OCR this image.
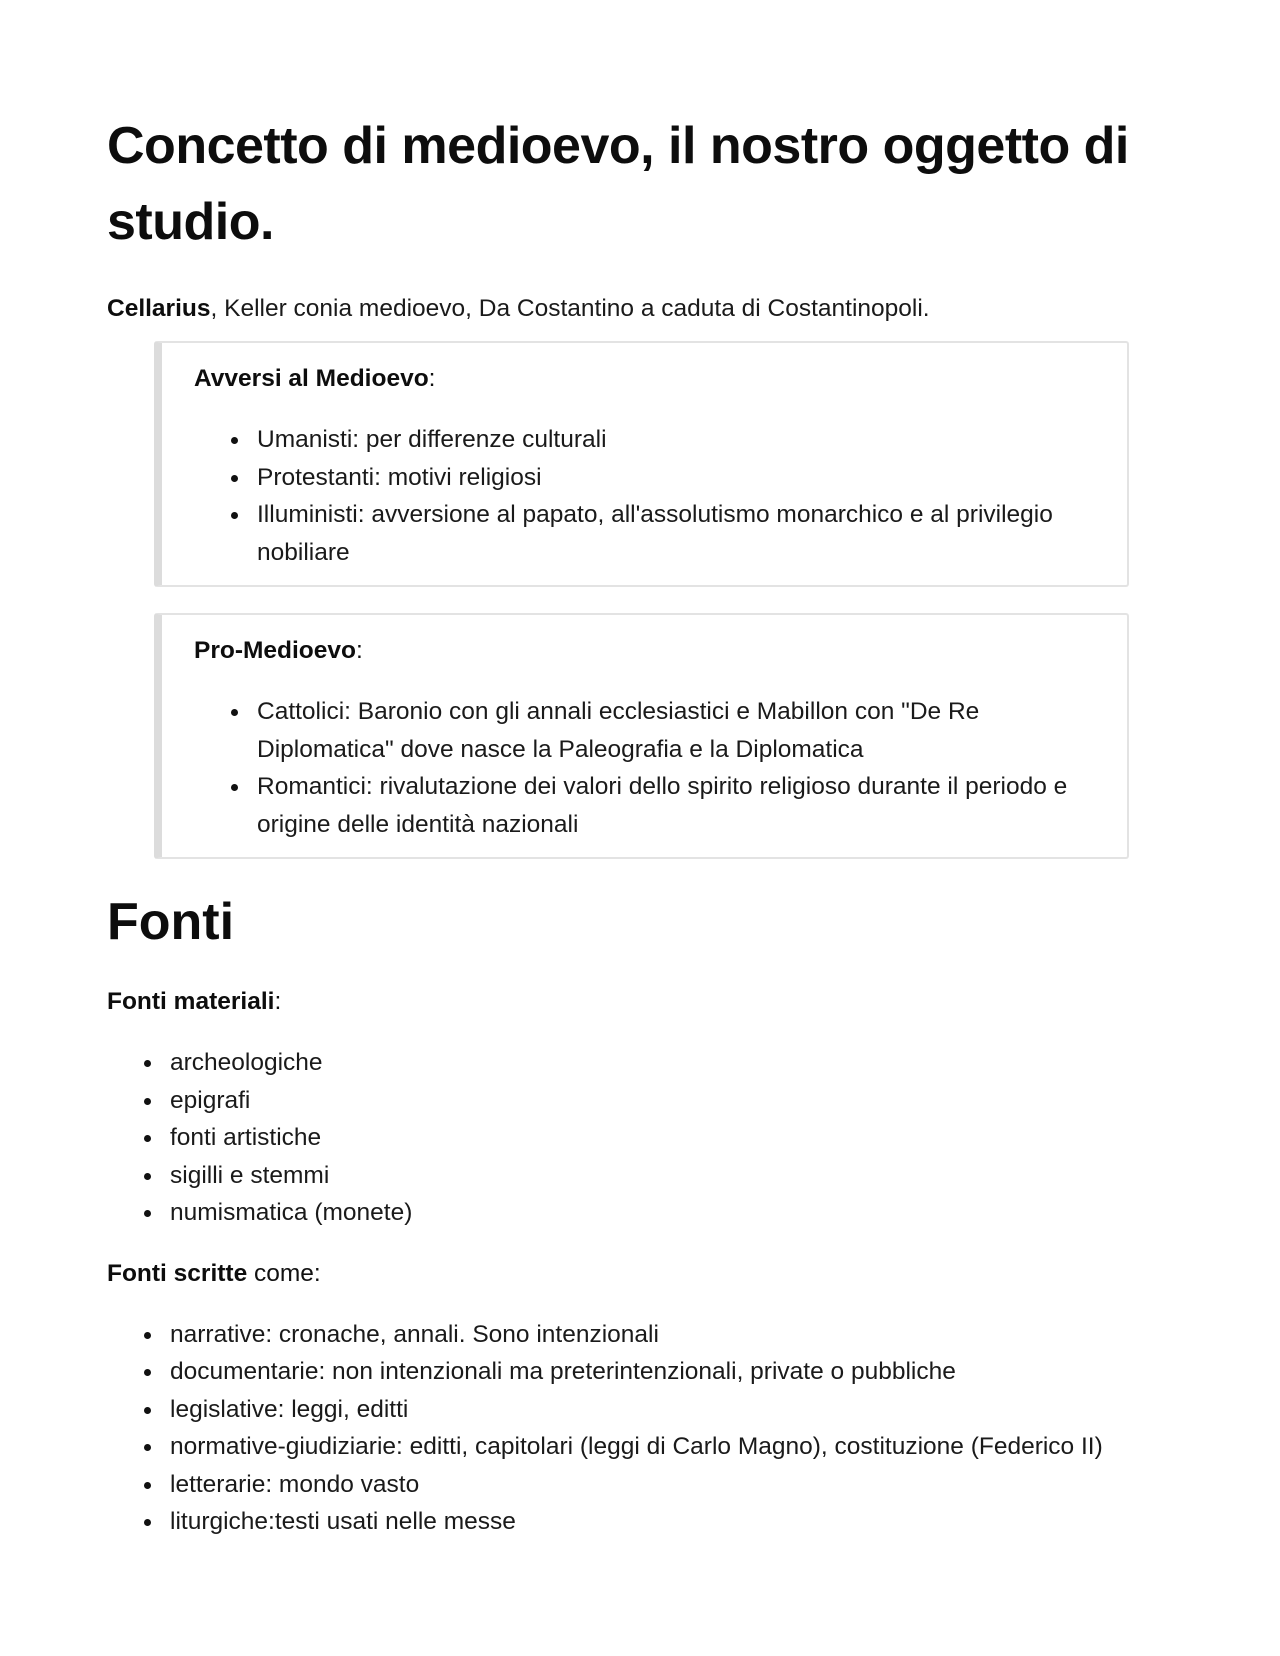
Concetto di medioevo, il nostro oggetto di studio.

Cellarius, Keller conia medioevo, Da Costantino a caduta di Costantinopoli.

Avversi al Medioevo:

Umanisti: per differenze culturali
Protestanti: motivi religiosi
Illuministi: avversione al papato, all'assolutismo monarchico e al privilegio nobiliare

Pro-Medioevo:

Cattolici: Baronio con gli annali ecclesiastici e Mabillon con "De Re Diplomatica" dove nasce la Paleografia e la Diplomatica
Romantici: rivalutazione dei valori dello spirito religioso durante il periodo e origine delle identità nazionali
Fonti

Fonti materiali:

archeologiche
epigrafi
fonti artistiche
sigilli e stemmi
numismatica (monete)

Fonti scritte come:

narrative: cronache, annali. Sono intenzionali
documentarie: non intenzionali ma preterintenzionali, private o pubbliche
legislative: leggi, editti
normative-giudiziarie: editti, capitolari (leggi di Carlo Magno), costituzione (Federico II)
letterarie: mondo vasto
liturgiche:testi usati nelle messe
